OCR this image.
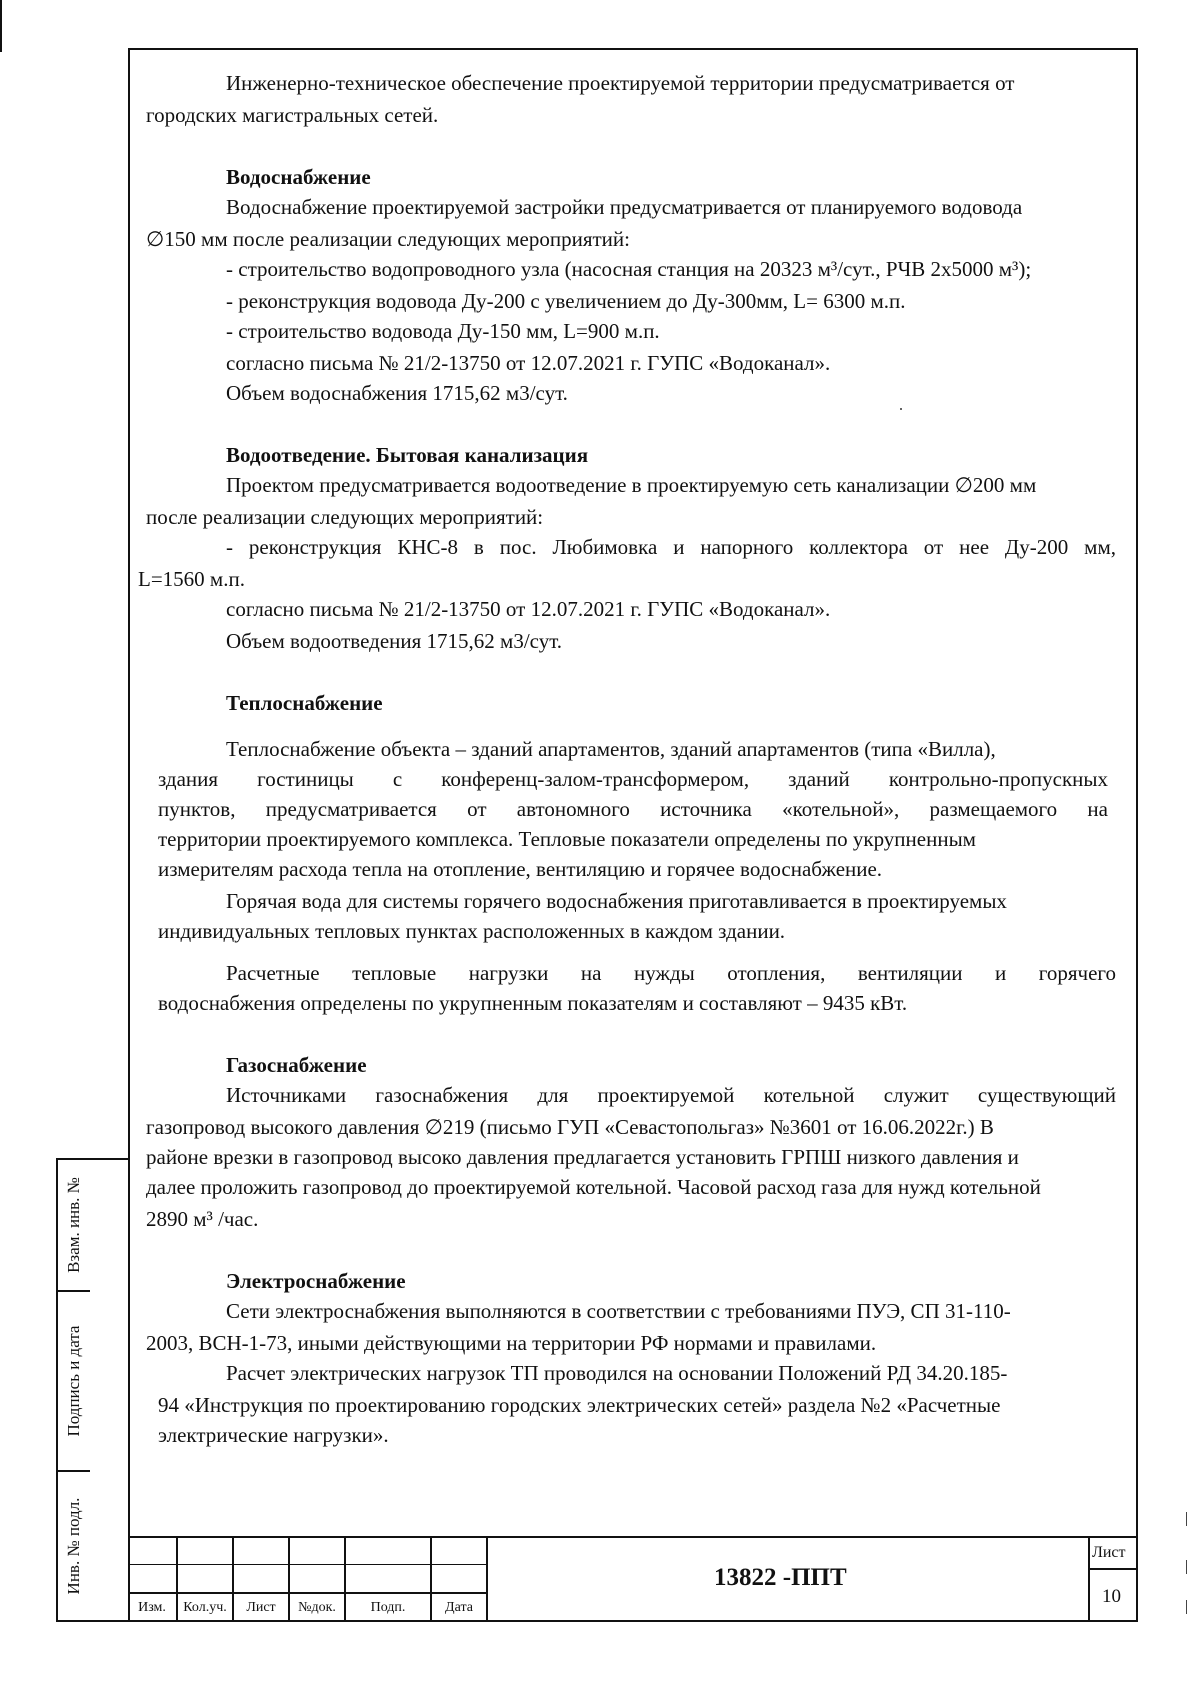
Инженерно-техническое обеспечение проектируемой территории предусматривается от
городских магистральных сетей.
Водоснабжение
Водоснабжение проектируемой застройки предусматривается от планируемого водовода
∅150 мм после реализации следующих мероприятий:
- строительство водопроводного узла (насосная станция на 20323 м³/сут., РЧВ 2х5000 м³);
- реконструкция водовода Ду-200 с увеличением до Ду-300мм, L= 6300 м.п.
- строительство водовода Ду-150 мм, L=900 м.п.
согласно письма № 21/2-13750 от 12.07.2021 г. ГУПС «Водоканал».
Объем водоснабжения 1715,62 м3/сут.
Водоотведение. Бытовая канализация
Проектом предусматривается водоотведение в проектируемую сеть канализации ∅200 мм
после реализации следующих мероприятий:
- реконструкция КНС-8 в пос. Любимовка и напорного коллектора от нее Ду-200 мм,
L=1560 м.п.
согласно письма № 21/2-13750 от 12.07.2021 г. ГУПС «Водоканал».
Объем водоотведения 1715,62 м3/сут.
Теплоснабжение
Теплоснабжение объекта – зданий апартаментов, зданий апартаментов (типа «Вилла),
здания гостиницы с конференц-залом-трансформером, зданий контрольно-пропускных
пунктов, предусматривается от автономного источника «котельной», размещаемого на
территории проектируемого комплекса. Тепловые показатели определены по укрупненным
измерителям расхода тепла на отопление, вентиляцию и горячее водоснабжение.
Горячая вода для системы горячего водоснабжения приготавливается в проектируемых
индивидуальных тепловых пунктах расположенных в каждом здании.
Расчетные тепловые нагрузки на нужды отопления, вентиляции и горячего
водоснабжения определены по укрупненным показателям и составляют – 9435 кВт.
Газоснабжение
Источниками газоснабжения для проектируемой котельной служит существующий
газопровод высокого давления ∅219 (письмо ГУП «Севастопольгаз» №3601 от 16.06.2022г.) В
районе врезки в газопровод высоко давления предлагается установить ГРПШ низкого давления и
далее проложить газопровод до проектируемой котельной. Часовой расход газа для нужд котельной
2890 м³ /час.
Электроснабжение
Сети электроснабжения выполняются в соответствии с требованиями ПУЭ, СП 31-110-
2003, ВСН-1-73, иными действующими на территории РФ нормами и правилами.
Расчет электрических нагрузок ТП проводился на основании Положений РД 34.20.185-
94 «Инструкция по проектированию городских электрических сетей» раздела №2 «Расчетные
электрические нагрузки».
Взам. инв. №
Подпись и дата
Инв. № подл.
Изм.	Кол.уч.	Лист	№док.	Подп.	Дата
13822 -ППТ
Лист
10
